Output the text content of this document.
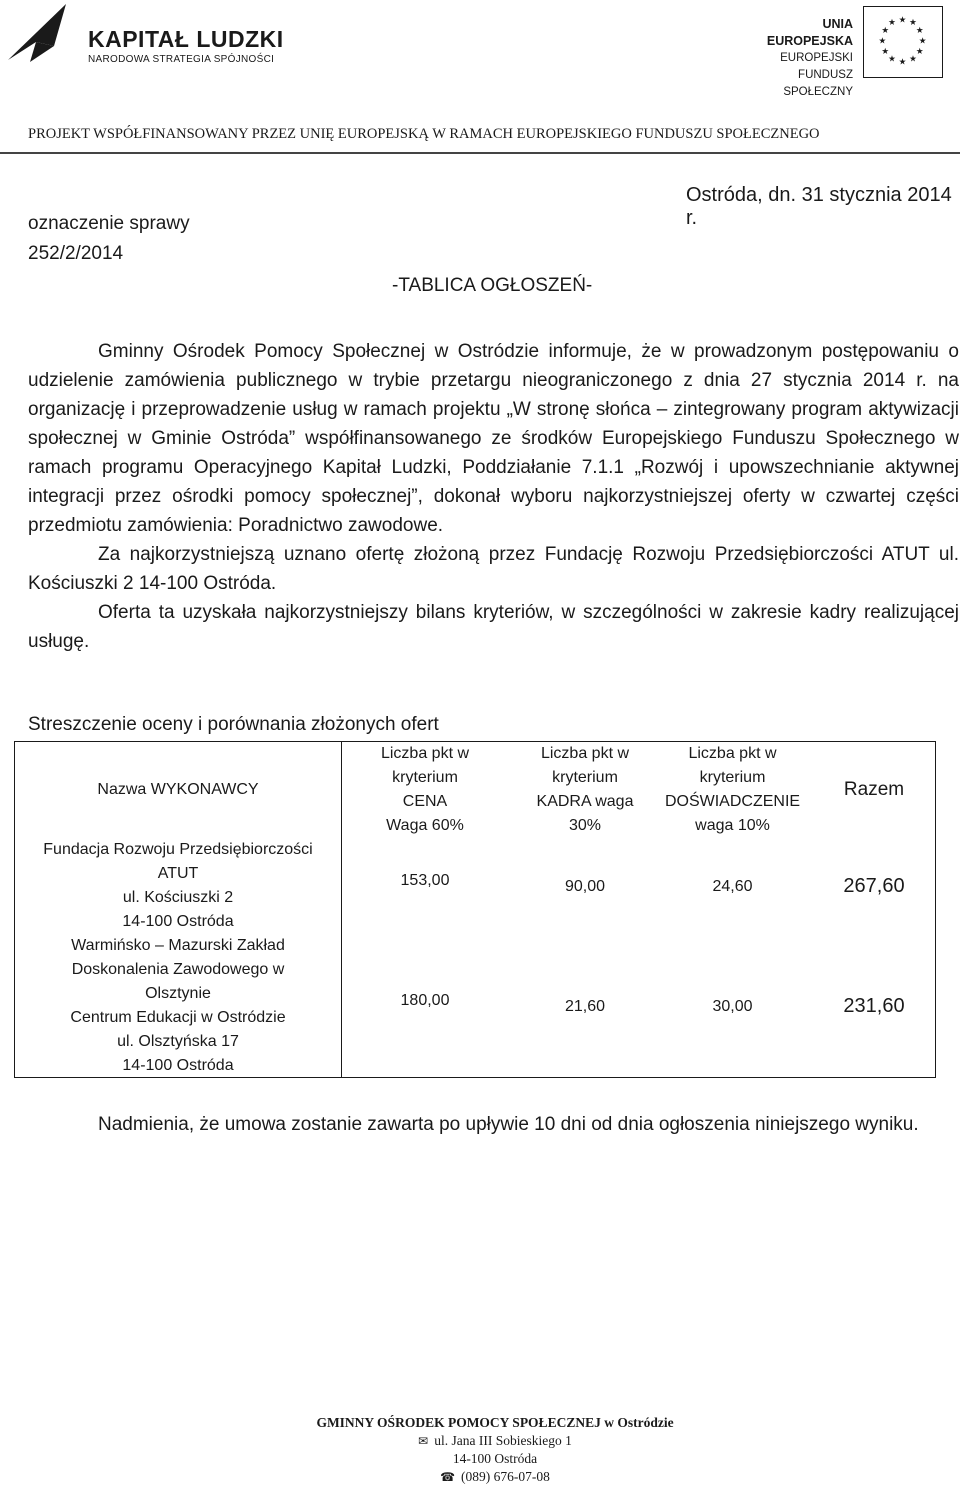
KAPITAŁ LUDZKI
NARODOWA STRATEGIA SPÓJNOŚCI
UNIA EUROPEJSKA
EUROPEJSKI
FUNDUSZ SPOŁECZNY
★ ★
★
★
★
★
★
★
★
★
★
★
PROJEKT WSPÓŁFINANSOWANY PRZEZ UNIĘ EUROPEJSKĄ W RAMACH EUROPEJSKIEGO FUNDUSZU SPOŁECZNEGO
Ostróda, dn. 31 stycznia 2014 r.
oznaczenie sprawy
252/2/2014
-TABLICA OGŁOSZEŃ-

Gminny Ośrodek Pomocy Społecznej w Ostródzie informuje, że w prowadzonym postępowaniu o udzielenie zamówienia publicznego w trybie przetargu nieograniczonego z dnia 27 stycznia 2014 r. na organizację i przeprowadzenie usług w ramach projektu „W stronę słońca – zintegrowany program aktywizacji społecznej w Gminie Ostróda” współfinansowanego ze środków Europejskiego Funduszu Społecznego w ramach programu Operacyjnego Kapitał Ludzki, Poddziałanie 7.1.1 „Rozwój i upowszechnianie aktywnej integracji przez ośrodki pomocy społecznej”, dokonał wyboru najkorzystniejszej oferty w czwartej części przedmiotu zamówienia: Poradnictwo zawodowe.

Za najkorzystniejszą uznano ofertę złożoną przez Fundację Rozwoju Przedsiębiorczości ATUT ul. Kościuszki 2 14-100 Ostróda.

Oferta ta uzyskała najkorzystniejszy bilans kryteriów, w szczególności w zakresie kadry realizującej usługę.

Streszczenie oceny i porównania złożonych ofert
Nazwa WYKONAWCY
Liczba pkt w
kryterium
CENA
Waga 60%
Liczba pkt w
kryterium
KADRA waga
30%
Liczba pkt w
kryterium
DOŚWIADCZENIE
waga 10%
Razem
Fundacja Rozwoju Przedsiębiorczości
ATUT
ul. Kościuszki 2
14-100 Ostróda
153,00	90,00	24,60	267,60
Warmińsko – Mazurski Zakład
Doskonalenia Zawodowego w
Olsztynie
Centrum Edukacji w Ostródzie
ul. Olsztyńska 17
14-100 Ostróda
180,00	21,60	30,00	231,60

Nadmienia, że umowa zostanie zawarta po upływie 10 dni od dnia ogłoszenia niniejszego wyniku.

GMINNY OŚRODEK POMOCY SPOŁECZNEJ w Ostródzie
✉ ul. Jana III Sobieskiego 1
14-100 Ostróda
☎ (089) 676-07-08
